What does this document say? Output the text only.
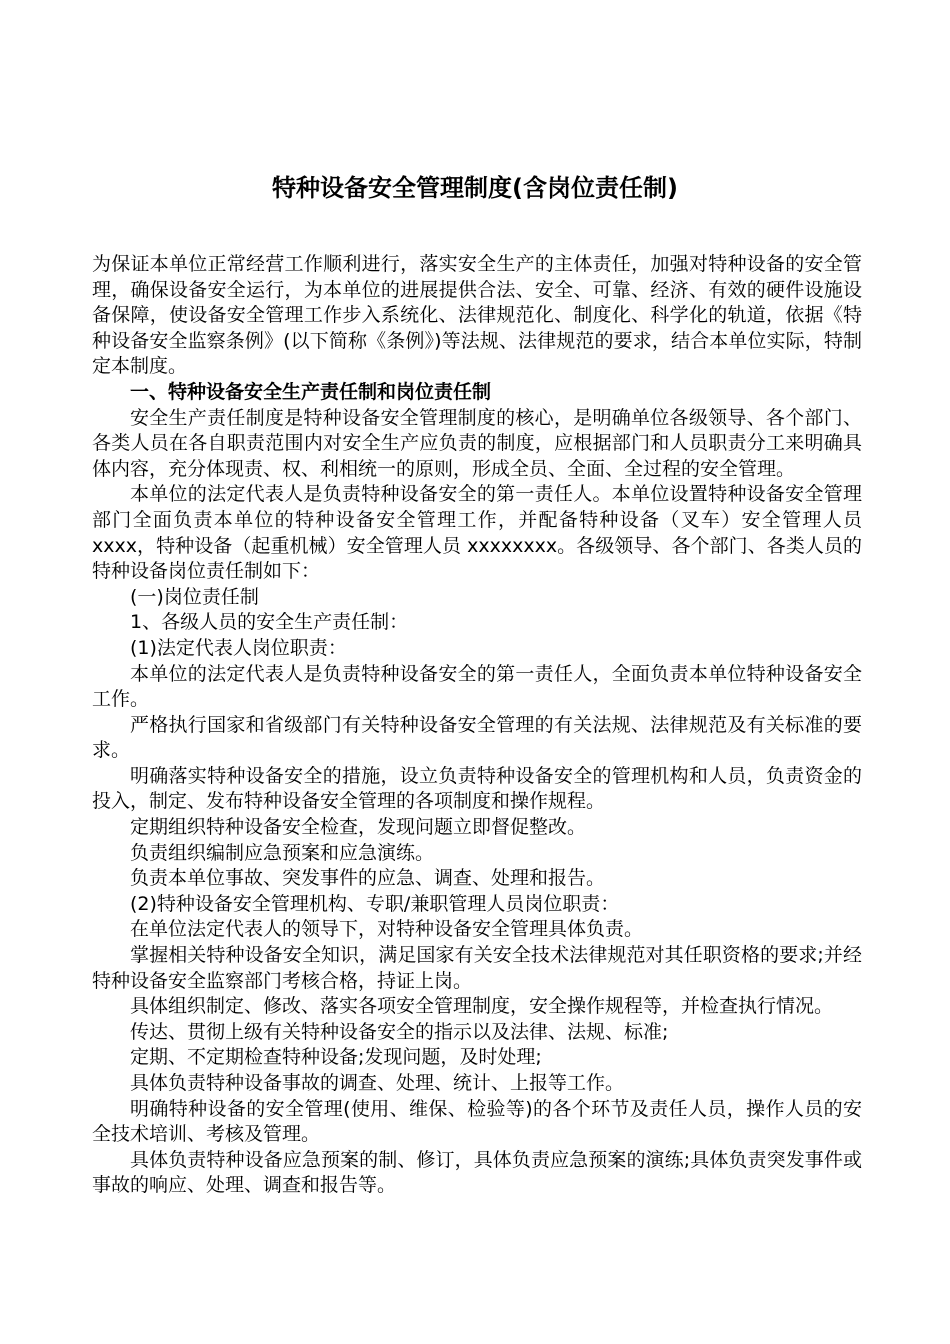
特种设备安全管理制度(含岗位责任制)

为保证本单位正常经营工作顺利进行，落实安全生产的主体责任，加强对特种设备的安全管理，确保设备安全运行，为本单位的进展提供合法、安全、可靠、经济、有效的硬件设施设备保障，使设备安全管理工作步入系统化、法律规范化、制度化、科学化的轨道，依据《特种设备安全监察条例》(以下简称《条例》)等法规、法律规范的要求，结合本单位实际，特制定本制度。

一、特种设备安全生产责任制和岗位责任制

安全生产责任制度是特种设备安全管理制度的核心，是明确单位各级领导、各个部门、各类人员在各自职责范围内对安全生产应负责的制度，应根据部门和人员职责分工来明确具体内容，充分体现责、权、利相统一的原则，形成全员、全面、全过程的安全管理。

本单位的法定代表人是负责特种设备安全的第一责任人。本单位设置特种设备安全管理部门全面负责本单位的特种设备安全管理工作，并配备特种设备（叉车）安全管理人员 xxxx，特种设备（起重机械）安全管理人员 xxxxxxxx。各级领导、各个部门、各类人员的特种设备岗位责任制如下：

(一)岗位责任制

1、各级人员的安全生产责任制：

(1)法定代表人岗位职责：

本单位的法定代表人是负责特种设备安全的第一责任人，全面负责本单位特种设备安全工作。

严格执行国家和省级部门有关特种设备安全管理的有关法规、法律规范及有关标准的要求。

明确落实特种设备安全的措施，设立负责特种设备安全的管理机构和人员，负责资金的投入，制定、发布特种设备安全管理的各项制度和操作规程。

定期组织特种设备安全检查，发现问题立即督促整改。

负责组织编制应急预案和应急演练。

负责本单位事故、突发事件的应急、调查、处理和报告。

(2)特种设备安全管理机构、专职/兼职管理人员岗位职责：

在单位法定代表人的领导下，对特种设备安全管理具体负责。

掌握相关特种设备安全知识，满足国家有关安全技术法律规范对其任职资格的要求;并经特种设备安全监察部门考核合格，持证上岗。

具体组织制定、修改、落实各项安全管理制度，安全操作规程等，并检查执行情况。

传达、贯彻上级有关特种设备安全的指示以及法律、法规、标准;

定期、不定期检查特种设备;发现问题，及时处理;

具体负责特种设备事故的调查、处理、统计、上报等工作。

明确特种设备的安全管理(使用、维保、检验等)的各个环节及责任人员，操作人员的安全技术培训、考核及管理。

具体负责特种设备应急预案的制、修订，具体负责应急预案的演练;具体负责突发事件或事故的响应、处理、调查和报告等。
